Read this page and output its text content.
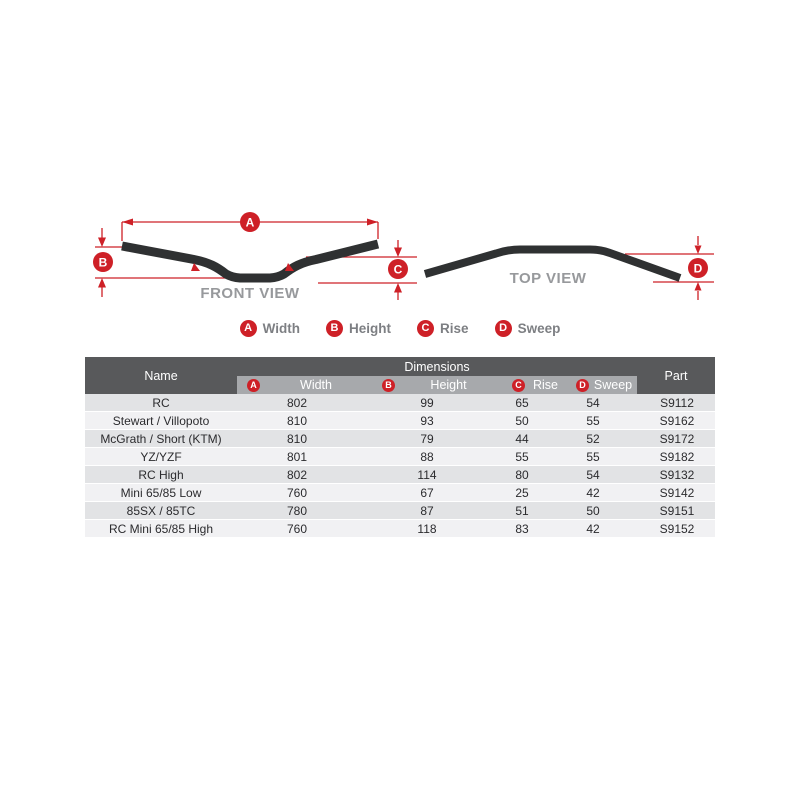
A
B	C
FRONT VIEW
D
TOP VIEW
A Width	B Height	C Rise	D Sweep
Name
Dimensions
A	Width	B	Height	C Rise	D Sweep
Part
RC	802	99	65	54	S9112
Stewart / Villopoto	810	93	50	55	S9162
McGrath / Short (KTM)	810	79	44	52	S9172
YZ/YZF	801	88	55	55	S9182
RC High	802	114	80	54	S9132
Mini 65/85 Low	760	67	25	42	S9142
85SX / 85TC	780	87	51	50	S9151
RC Mini 65/85 High	760	118	83	42	S9152
